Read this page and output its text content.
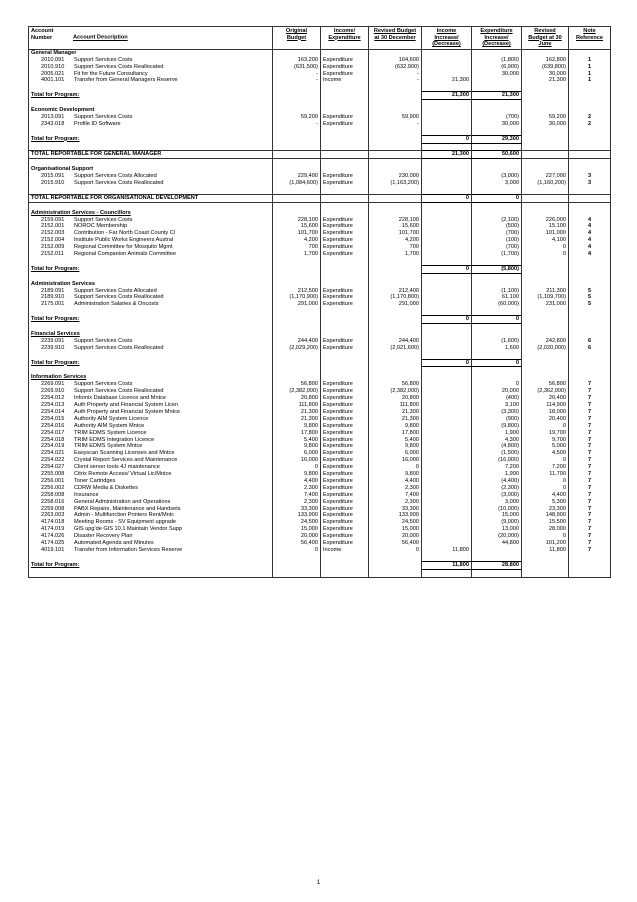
Account
Number Account Description	Original
Budget	Income/
Expenditure	Revised Budget
at 30 December	Income
Increase/
(Decrease)	Expenditure
Increase/
(Decrease)	Revised
Budget at 30
June	Note
Reference
General Manager							
2010.091 Support Services Costs	163,200	Expenditure	164,600		(1,800)	162,800	1
2010.910 Support Services Costs Reallocated	(631,500)	Expenditure	(632,900)		(6,900)	(639,800)	1
2005.021 Fit for the Future Consultancy	-	Expenditure	-		30,000	30,000	1
4001.101 Transfer from General Managers Reserve	-	Income	-	21,300		21,300	1

Total for Program:				21,300	21,300		

Economic Development							
2013.091 Support Services Costs	59,200	Expenditure	59,900		(700)	59,200	2
2343.018 Profile ID Software	-	Expenditure	-		30,000	30,000	2

Total for Program:				0	29,300		

TOTAL REPORTABLE FOR GENERAL MANAGER				21,300	50,600		

Organisational Support							
2015.091 Support Services Costs Allocated	229,400	Expenditure	230,000		(3,000)	227,000	3
2015.910 Support Services Costs Reallocated	(1,084,600)	Expenditure	(1,163,200)		3,000	(1,160,200)	3

TOTAL REPORTABLE FOR ORGANISATIONAL DEVELOPMENT				0	0		

Administration Services - Councillors							
2159.091 Support Services Costs	228,100	Expenditure	228,100		(2,100)	226,000	4
2152.001 NOROC Membership	15,600	Expenditure	15,600		(500)	15,100	4
2152.003 Contribution - Far North Coast County Cl	101,700	Expenditure	101,700		(700)	101,000	4
2152.004 Institute Public Works Engineers Austral	4,200	Expenditure	4,200		(100)	4,100	4
2152.009 Regional Committee for Mosquito Mgmt	700	Expenditure	700		(700)	0	4
2152.011 Regional Companion Animals Committee	1,700	Expenditure	1,700		(1,700)	0	4

Total for Program:				0	(5,800)		

Administration Services							
2189.091 Support Services Costs Allocated	212,500	Expenditure	212,400		(1,100)	211,300	5
2189.910 Support Services Costs Reallocated	(1,170,900)	Expenditure	(1,170,800)		61,100	(1,109,700)	5
2175.001 Administration Salaries & Oncosts	291,000	Expenditure	291,000		(60,000)	231,000	5

Total for Program:				0	0		

Financial Services							
2239.091 Support Services Costs	244,400	Expenditure	244,400		(1,600)	242,800	6
2239.910 Support Services Costs Reallocated	(2,029,200)	Expenditure	(2,021,600)		1,600	(2,020,000)	6

Total for Program:				0	0		

Information Services							
2269.091 Support Services Costs	56,800	Expenditure	56,800		0	56,800	7
2269.910 Support Services Costs Reallocated	(2,382,000)	Expenditure	(2,382,000)		20,000	(2,362,000)	7
2254.012 Infomix Database Licence and Mntce	20,800	Expenditure	20,800		(400)	20,400	7
2254.013 Auth Property and Financial System Licen	111,800	Expenditure	111,800		3,100	114,900	7
2254.014 Auth Property and Financial System Mntce	21,300	Expenditure	21,300		(3,300)	18,000	7
2254.015 Authority AIM System Licence	21,300	Expenditure	21,300		(900)	20,400	7
2254.016 Authority AIM System Mntce	9,800	Expenditure	9,800		(9,800)	0	7
2254.017 TRIM EDMS System Licence	17,800	Expenditure	17,800		1,900	19,700	7
2254.018 TRIM EDMS Integration Licence	5,400	Expenditure	5,400		4,300	9,700	7
2254.019 TRIM EDMS System Mntce	9,800	Expenditure	9,800		(4,800)	5,000	7
2254.021 Easyscan Scanning Licenses and Mntce	6,000	Expenditure	6,000		(1,500)	4,500	7
2254.022 Crystal Report Services and Maintenance	16,000	Expenditure	16,000		(16,000)	0	7
2254.027 Client server tools 4J maintenance	0	Expenditure	0		7,200	7,200	7
2255.008 Citrix Remote Access/ Virtual Lic/Mntce	9,800	Expenditure	9,800		1,900	11,700	7
2256.001 Toner Cartridges	4,400	Expenditure	4,400		(4,400)	0	7
2256.002 CDRW Media & Diskettes	2,300	Expenditure	2,300		(2,300)	0	7
2258.008 Insurance	7,400	Expenditure	7,400		(3,000)	4,400	7
2258.016 General Administration and Operations	2,300	Expenditure	2,300		3,000	5,300	7
2259.008 PABX Repairs, Maintenance and Handsets	33,300	Expenditure	33,300		(10,000)	23,300	7
2263.003 Admin - Multifunction Printers Rent/Mntc	133,900	Expenditure	133,900		15,000	148,900	7
4174.018 Meeting Rooms - SV Equipment upgrade	24,500	Expenditure	24,500		(9,000)	15,500	7
4174.019 GIS upg'de GIS 10.1 Maintain Vendor Supp	15,000	Expenditure	15,000		13,000	28,000	7
4174.026 Disaster Recovery Plan	20,000	Expenditure	20,000		(20,000)	0	7
4174.025 Automated Agenda and Minutes	56,400	Expenditure	56,400		44,800	101,200	7
4019.101 Transfer from Information Services Reserve	0	Income	0	11,800		11,800	7

Total for Program:				11,800	28,800		

1
